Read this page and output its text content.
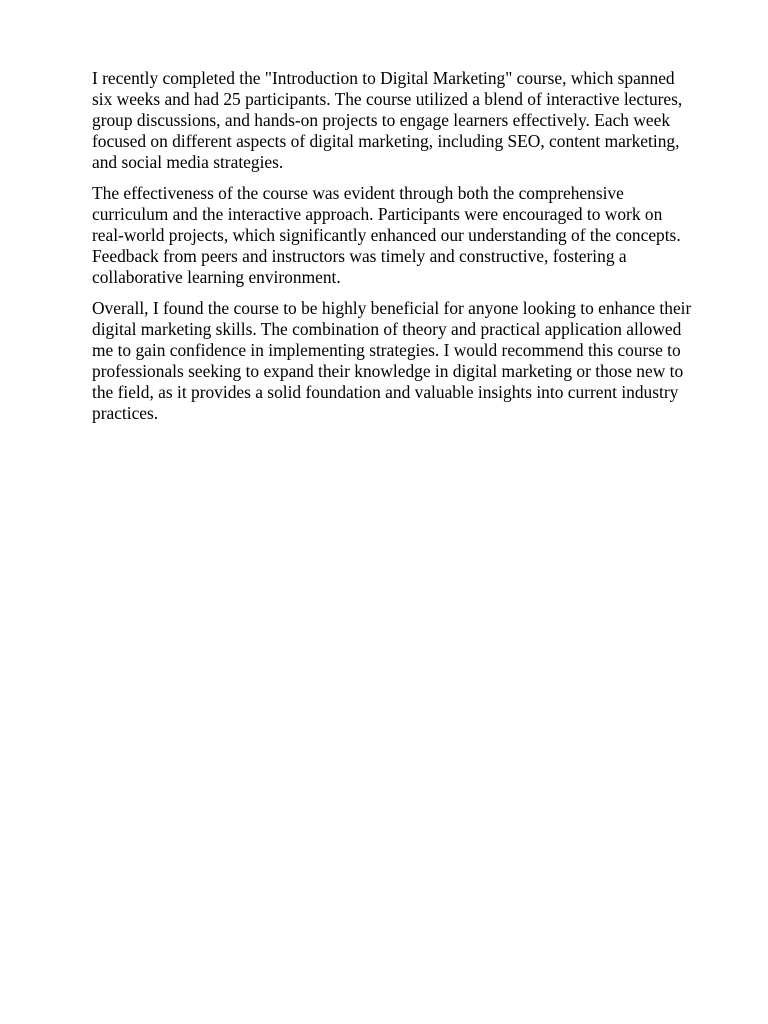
I recently completed the "Introduction to Digital Marketing" course, which spanned six weeks and had 25 participants. The course utilized a blend of interactive lectures, group discussions, and hands-on projects to engage learners effectively. Each week focused on different aspects of digital marketing, including SEO, content marketing, and social media strategies.

The effectiveness of the course was evident through both the comprehensive curriculum and the interactive approach. Participants were encouraged to work on real-world projects, which significantly enhanced our understanding of the concepts. Feedback from peers and instructors was timely and constructive, fostering a collaborative learning environment.

Overall, I found the course to be highly beneficial for anyone looking to enhance their digital marketing skills. The combination of theory and practical application allowed me to gain confidence in implementing strategies. I would recommend this course to professionals seeking to expand their knowledge in digital marketing or those new to the field, as it provides a solid foundation and valuable insights into current industry practices.
